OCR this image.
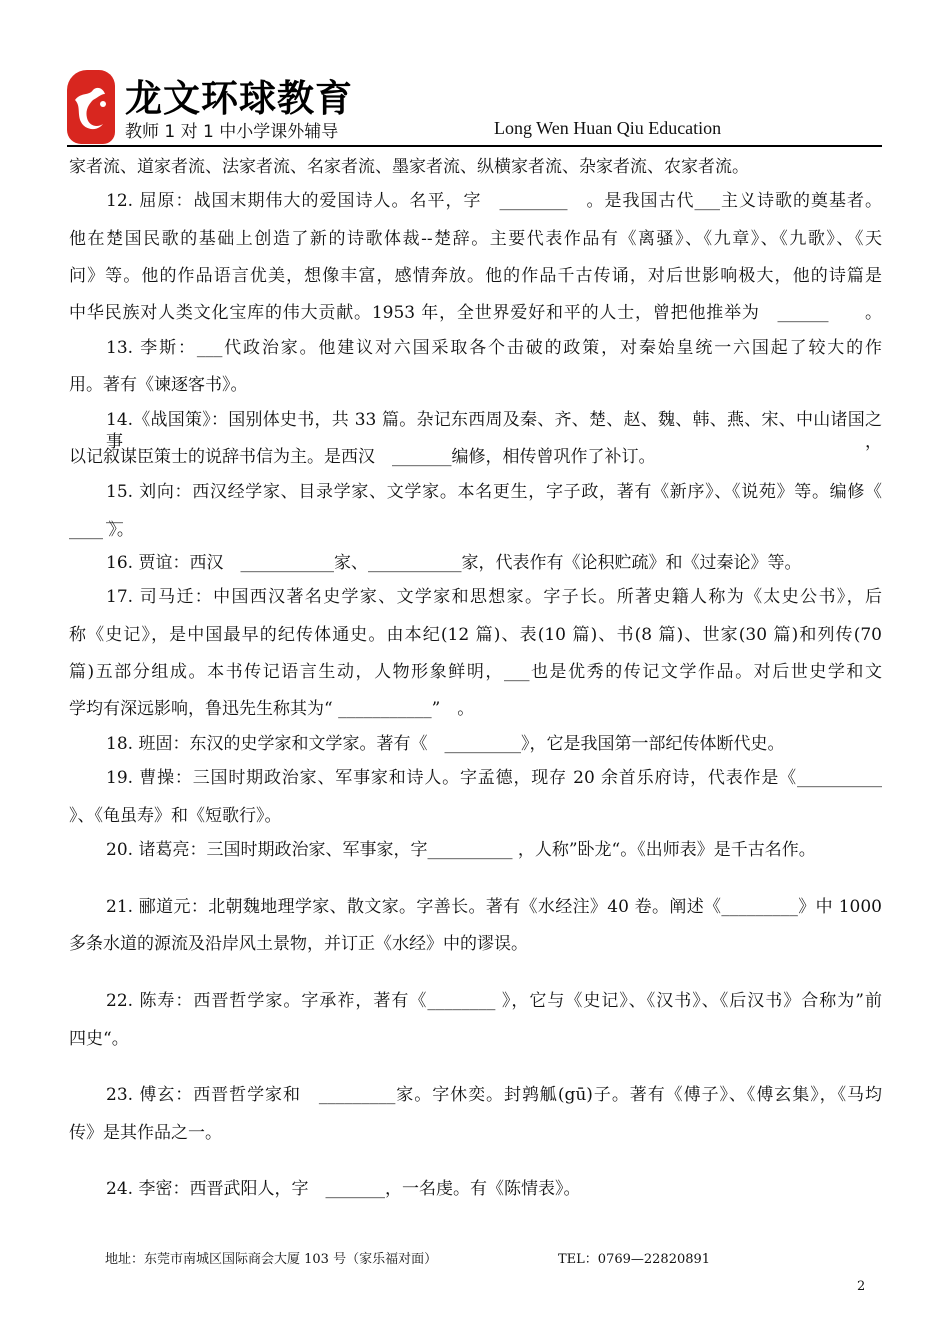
龙文环球教育
教师 1 对 1 中小学课外辅导	Long Wen Huan Qiu Education
家者流、道家者流、法家者流、名家者流、墨家者流、纵横家者流、杂家者流、农家者流。
12. 屈原：战国末期伟大的爱国诗人。名平，字　________　。是我国古代___主义诗歌的奠基者。
他在楚国民歌的基础上创造了新的诗歌体裁--楚辞。主要代表作品有《离骚》、《九章》、《九歌》、《天
问》等。他的作品语言优美，想像丰富，感情奔放。他的作品千古传诵，对后世影响极大，他的诗篇是
中华民族对人类文化宝库的伟大贡献。1953 年，全世界爱好和平的人士，曾把他推举为　______　　。
13. 李斯：___代政治家。他建议对六国采取各个击破的政策，对秦始皇统一六国起了较大的作
用。著有《谏逐客书》。
14.《战国策》：国别体史书，共 33 篇。杂记东西周及秦、齐、楚、赵、魏、韩、燕、宋、中山诸国之事，
以记叙谋臣策士的说辞书信为主。是西汉　_______编修，相传曾巩作了补订。
15. 刘向：西汉经学家、目录学家、文学家。本名更生，字子政，著有《新序》、《说苑》等。编修《　__
____ 》。
16. 贾谊：西汉　___________家、___________家，代表作有《论积贮疏》和《过秦论》等。
17. 司马迁：中国西汉著名史学家、文学家和思想家。字子长。所著史籍人称为《太史公书》，后
称《史记》，是中国最早的纪传体通史。由本纪(12 篇)、表(10 篇)、书(8 篇)、世家(30 篇)和列传(70
篇)五部分组成。本书传记语言生动，人物形象鲜明，___也是优秀的传记文学作品。对后世史学和文
学均有深远影响，鲁迅先生称其为“ ___________”　。
18. 班固：东汉的史学家和文学家。著有《　_________》，它是我国第一部纪传体断代史。
19. 曹操：三国时期政治家、军事家和诗人。字孟德，现存 20 余首乐府诗，代表作是《__________
》、《龟虽寿》和《短歌行》。
20. 诸葛亮：三国时期政治家、军事家，字__________ ，人称”卧龙“。《出师表》是千古名作。
21. 郦道元：北朝魏地理学家、散文家。字善长。著有《水经注》40 卷。阐述《_________》中 1000
多条水道的源流及沿岸风土景物，并订正《水经》中的谬误。
22. 陈寿：西晋哲学家。字承祚，著有《________ 》，它与《史记》、《汉书》、《后汉书》合称为”前
四史“。
23. 傅玄：西晋哲学家和　_________家。字休奕。封鹑觚(gū)子。著有《傅子》、《傅玄集》，《马均
传》是其作品之一。
24. 李密：西晋武阳人，字　_______，一名虔。有《陈情表》。
地址：东莞市南城区国际商会大厦 103 号（家乐福对面）	TEL：0769—22820891
2
